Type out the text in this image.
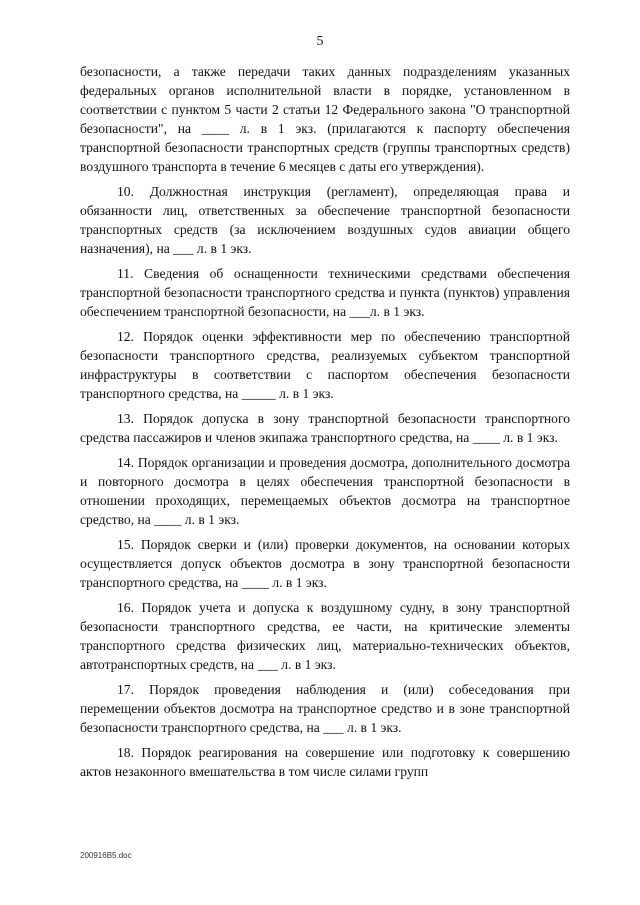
5

безопасности, а также передачи таких данных подразделениям указанных федеральных органов исполнительной власти в порядке, установленном в соответствии с пунктом 5 части 2 статьи 12 Федерального закона "О транспортной безопасности", на ____ л. в 1 экз. (прилагаются к паспорту обеспечения транспортной безопасности транспортных средств (группы транспортных средств) воздушного транспорта в течение 6 месяцев с даты его утверждения).

10. Должностная инструкция (регламент), определяющая права и обязанности лиц, ответственных за обеспечение транспортной безопасности транспортных средств (за исключением воздушных судов авиации общего назначения), на ___ л. в 1 экз.

11. Сведения об оснащенности техническими средствами обеспечения транспортной безопасности транспортного средства и пункта (пунктов) управления обеспечением транспортной безопасности, на ___л. в 1 экз.

12. Порядок оценки эффективности мер по обеспечению транспортной безопасности транспортного средства, реализуемых субъектом транспортной инфраструктуры в соответствии с паспортом обеспечения безопасности транспортного средства, на _____ л. в 1 экз.

13. Порядок допуска в зону транспортной безопасности транспортного средства пассажиров и членов экипажа транспортного средства, на ____ л. в 1 экз.

14. Порядок организации и проведения досмотра, дополнительного досмотра и повторного досмотра в целях обеспечения транспортной безопасности в отношении проходящих, перемещаемых объектов досмотра на транспортное средство, на ____ л. в 1 экз.

15. Порядок сверки и (или) проверки документов, на основании которых осуществляется допуск объектов досмотра в зону транспортной безопасности транспортного средства, на ____ л. в 1 экз.

16. Порядок учета и допуска к воздушному судну, в зону транспортной безопасности транспортного средства, ее части, на критические элементы транспортного средства физических лиц, материально-технических объектов, автотранспортных средств, на ___ л. в 1 экз.

17. Порядок проведения наблюдения и (или) собеседования при перемещении объектов досмотра на транспортное средство и в зоне транспортной безопасности транспортного средства, на ___ л. в 1 экз.

18. Порядок реагирования на совершение или подготовку к совершению актов незаконного вмешательства в том числе силами групп

200916B5.doc
